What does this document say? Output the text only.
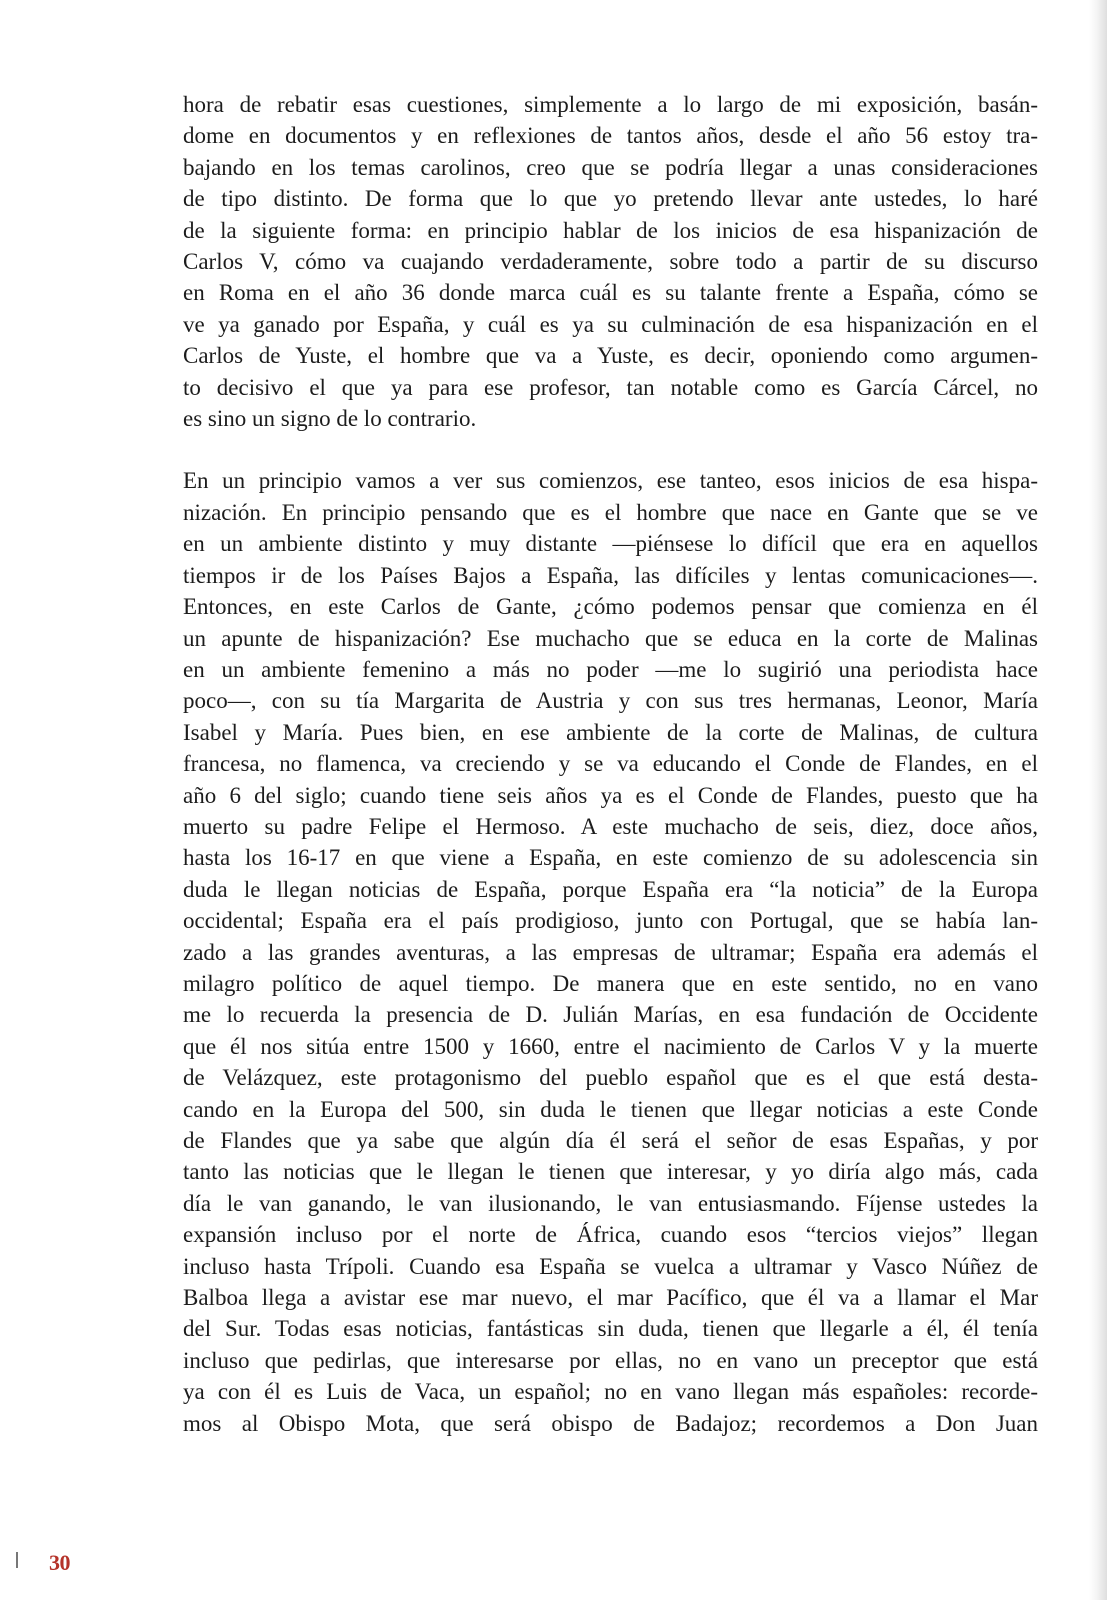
hora de rebatir esas cuestiones, simplemente a lo largo de mi exposición, basán-
dome en documentos y en reflexiones de tantos años, desde el año 56 estoy tra-
bajando en los temas carolinos, creo que se podría llegar a unas consideraciones
de tipo distinto. De forma que lo que yo pretendo llevar ante ustedes, lo haré
de la siguiente forma: en principio hablar de los inicios de esa hispanización de
Carlos V, cómo va cuajando verdaderamente, sobre todo a partir de su discurso
en Roma en el año 36 donde marca cuál es su talante frente a España, cómo se
ve ya ganado por España, y cuál es ya su culminación de esa hispanización en el
Carlos de Yuste, el hombre que va a Yuste, es decir, oponiendo como argumen-
to decisivo el que ya para ese profesor, tan notable como es García Cárcel, no
es sino un signo de lo contrario.

En un principio vamos a ver sus comienzos, ese tanteo, esos inicios de esa hispa-
nización. En principio pensando que es el hombre que nace en Gante que se ve
en un ambiente distinto y muy distante —piénsese lo difícil que era en aquellos
tiempos ir de los Países Bajos a España, las difíciles y lentas comunicaciones—.
Entonces, en este Carlos de Gante, ¿cómo podemos pensar que comienza en él
un apunte de hispanización? Ese muchacho que se educa en la corte de Malinas
en un ambiente femenino a más no poder —me lo sugirió una periodista hace
poco—, con su tía Margarita de Austria y con sus tres hermanas, Leonor, María
Isabel y María. Pues bien, en ese ambiente de la corte de Malinas, de cultura
francesa, no flamenca, va creciendo y se va educando el Conde de Flandes, en el
año 6 del siglo; cuando tiene seis años ya es el Conde de Flandes, puesto que ha
muerto su padre Felipe el Hermoso. A este muchacho de seis, diez, doce años,
hasta los 16-17 en que viene a España, en este comienzo de su adolescencia sin
duda le llegan noticias de España, porque España era “la noticia” de la Europa
occidental; España era el país prodigioso, junto con Portugal, que se había lan-
zado a las grandes aventuras, a las empresas de ultramar; España era además el
milagro político de aquel tiempo. De manera que en este sentido, no en vano
me lo recuerda la presencia de D. Julián Marías, en esa fundación de Occidente
que él nos sitúa entre 1500 y 1660, entre el nacimiento de Carlos V y la muerte
de Velázquez, este protagonismo del pueblo español que es el que está desta-
cando en la Europa del 500, sin duda le tienen que llegar noticias a este Conde
de Flandes que ya sabe que algún día él será el señor de esas Españas, y por
tanto las noticias que le llegan le tienen que interesar, y yo diría algo más, cada
día le van ganando, le van ilusionando, le van entusiasmando. Fíjense ustedes la
expansión incluso por el norte de África, cuando esos “tercios viejos” llegan
incluso hasta Trípoli. Cuando esa España se vuelca a ultramar y Vasco Núñez de
Balboa llega a avistar ese mar nuevo, el mar Pacífico, que él va a llamar el Mar
del Sur. Todas esas noticias, fantásticas sin duda, tienen que llegarle a él, él tenía
incluso que pedirlas, que interesarse por ellas, no en vano un preceptor que está
ya con él es Luis de Vaca, un español; no en vano llegan más españoles: recorde-
mos al Obispo Mota, que será obispo de Badajoz; recordemos a Don Juan

30
